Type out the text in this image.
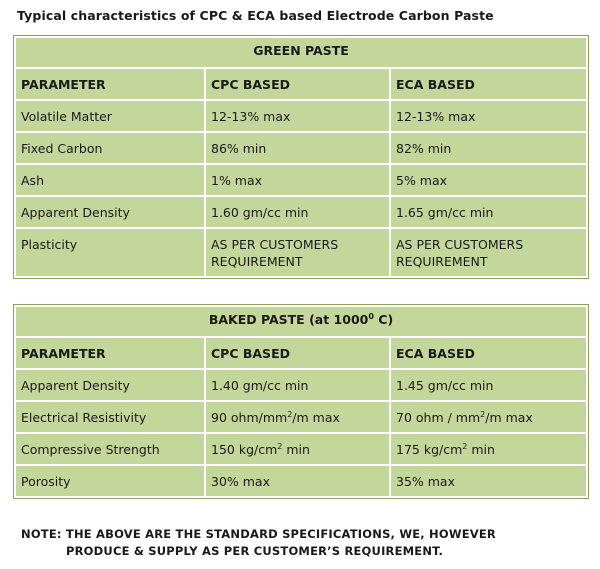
Typical characteristics of CPC & ECA based Electrode Carbon Paste
GREEN PASTE		
PARAMETER	CPC BASED	ECA BASED
Volatile Matter	12-13% max	12-13% max
Fixed Carbon	86% min	82% min
Ash	1% max	5% max
Apparent Density	1.60 gm/cc min	1.65 gm/cc min
Plasticity	AS PER CUSTOMERS REQUIREMENT	AS PER CUSTOMERS REQUIREMENT
BAKED PASTE (at 1000$^0$ C)		
PARAMETER	CPC BASED	ECA BASED
Apparent Density	1.40 gm/cc min	1.45 gm/cc min
Electrical Resistivity	90 ohm/$mm^2/m$ max	70 ohm / $mm^2/m$ max
Compressive Strength	150 $kg/cm^2$ min	175 $kg/cm^2$ min
Porosity	30% max	35% max
NOTE: THE ABOVE ARE THE STANDARD SPECIFICATIONS, WE, HOWEVER
PRODUCE & SUPPLY AS PER CUSTOMER’S REQUIREMENT.
